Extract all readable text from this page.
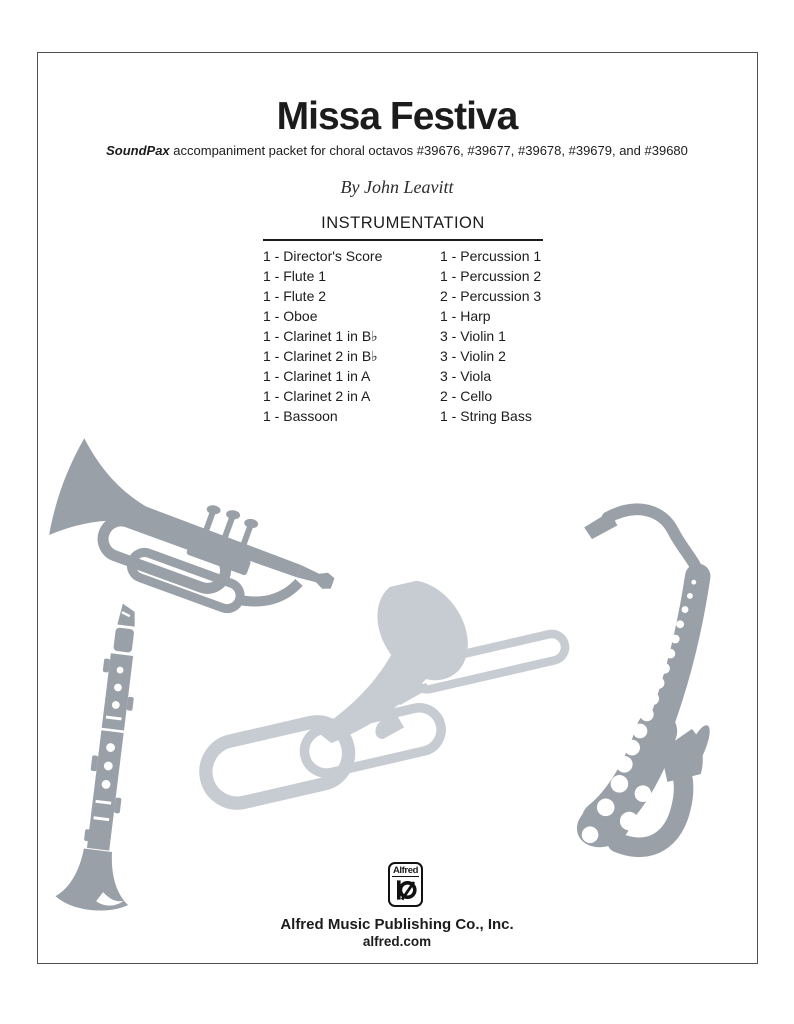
Missa Festiva
SoundPax accompaniment packet for choral octavos #39676, #39677, #39678, #39679, and #39680
By John Leavitt
INSTRUMENTATION
1 - Director's Score
1 - Flute 1
1 - Flute 2
1 - Oboe
1 - Clarinet 1 in B♭
1 - Clarinet 2 in B♭
1 - Clarinet 1 in A
1 - Clarinet 2 in A
1 - Bassoon
1 - Percussion 1
1 - Percussion 2
2 - Percussion 3
1 - Harp
3 - Violin 1
3 - Violin 2
3 - Viola
2 - Cello
1 - String Bass
Alfred
Alfred Music Publishing Co., Inc.
alfred.com
